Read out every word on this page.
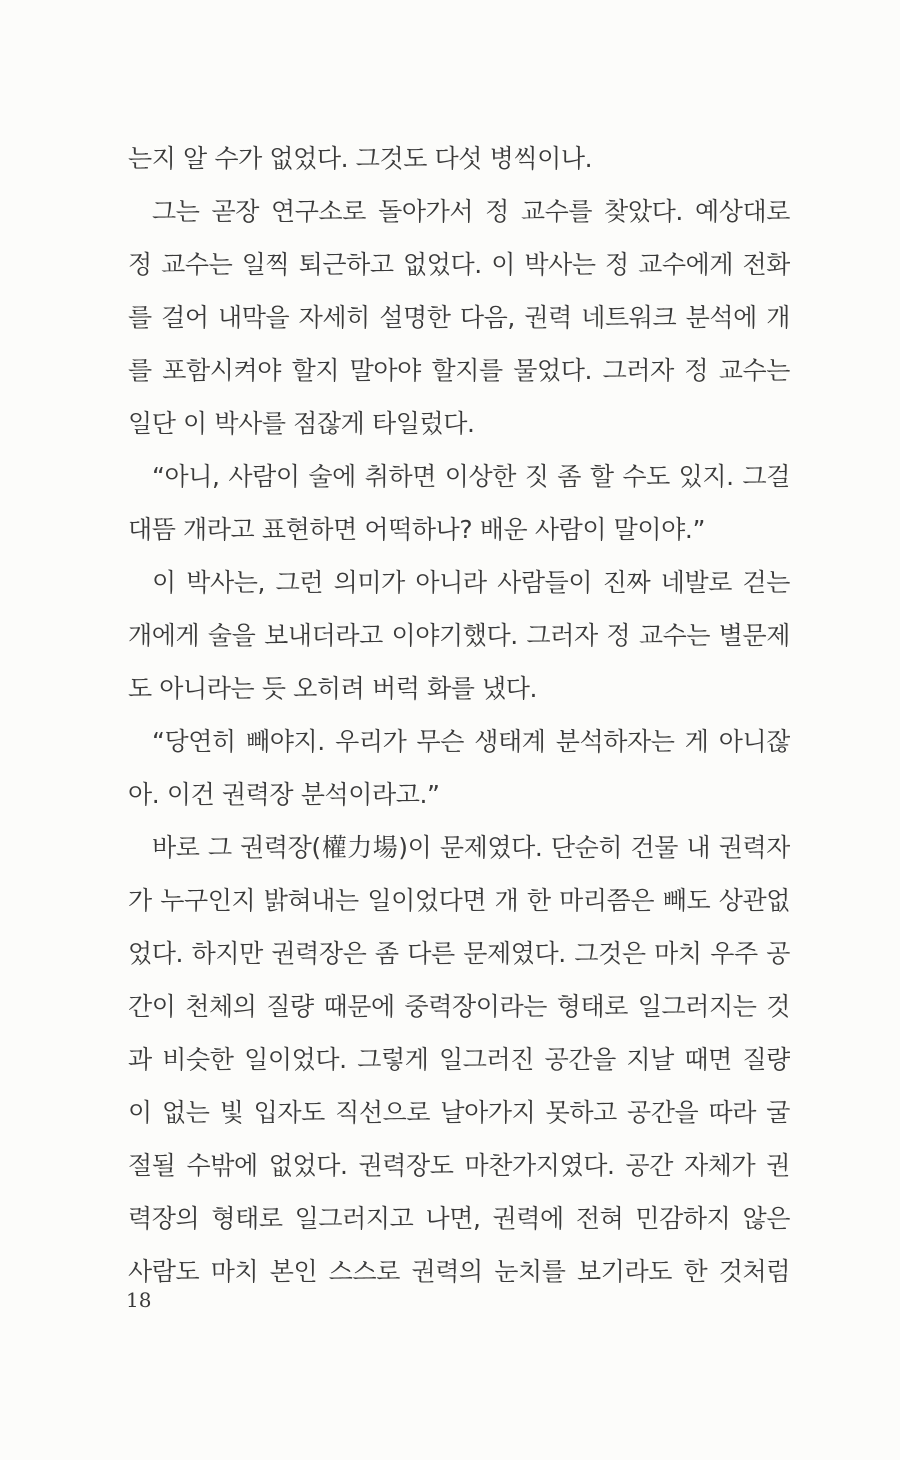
는지 알 수가 없었다. 그것도 다섯 병씩이나.
그는 곧장 연구소로 돌아가서 정 교수를 찾았다. 예상대로
정 교수는 일찍 퇴근하고 없었다. 이 박사는 정 교수에게 전화
를 걸어 내막을 자세히 설명한 다음, 권력 네트워크 분석에 개
를 포함시켜야 할지 말아야 할지를 물었다. 그러자 정 교수는
일단 이 박사를 점잖게 타일렀다.
“아니, 사람이 술에 취하면 이상한 짓 좀 할 수도 있지. 그걸
대뜸 개라고 표현하면 어떡하나? 배운 사람이 말이야.”
이 박사는, 그런 의미가 아니라 사람들이 진짜 네발로 걷는
개에게 술을 보내더라고 이야기했다. 그러자 정 교수는 별문제
도 아니라는 듯 오히려 버럭 화를 냈다.
“당연히 빼야지. 우리가 무슨 생태계 분석하자는 게 아니잖
아. 이건 권력장 분석이라고.”
바로 그 권력장(權力場)이 문제였다. 단순히 건물 내 권력자
가 누구인지 밝혀내는 일이었다면 개 한 마리쯤은 빼도 상관없
었다. 하지만 권력장은 좀 다른 문제였다. 그것은 마치 우주 공
간이 천체의 질량 때문에 중력장이라는 형태로 일그러지는 것
과 비슷한 일이었다. 그렇게 일그러진 공간을 지날 때면 질량
이 없는 빛 입자도 직선으로 날아가지 못하고 공간을 따라 굴
절될 수밖에 없었다. 권력장도 마찬가지였다. 공간 자체가 권
력장의 형태로 일그러지고 나면, 권력에 전혀 민감하지 않은
사람도 마치 본인 스스로 권력의 눈치를 보기라도 한 것처럼
18
